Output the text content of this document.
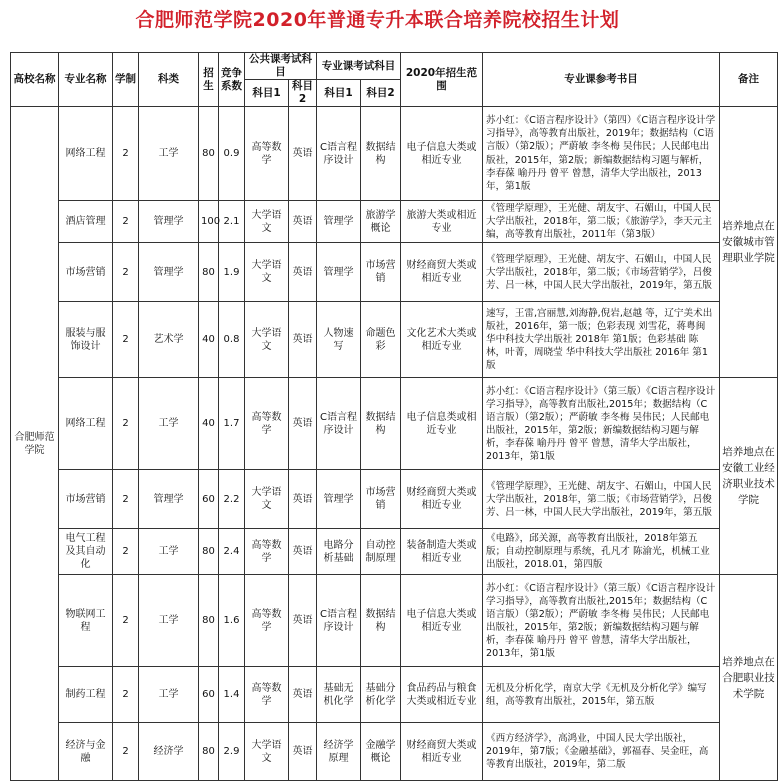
合肥师范学院2020年普通专升本联合培养院校招生计划
高校名称	专业名称	学制	科类	招生	竞争系数	公共课考试科目		专业课考试科目		2020年招生范围	专业课参考书目	备注
						科目1	科目2	科目1	科目2			
合肥师范学院	网络工程	2	工学	80	0.9	高等数学	英语	C语言程序设计	数据结构	电子信息大类或相近专业	苏小红：《C语言程序设计》（第四）《C语言程序设计学习指导》，高等教育出版社，2019年；数据结构（C语言版）（第2版）；严蔚敏 李冬梅 吴伟民；人民邮电出版社，2015年，第2版；新编数据结构习题与解析，李春葆 喻丹丹 曾平 曾慧，清华大学出版社，2013年，第1版	培养地点在安徽城市管理职业学院
	酒店管理	2	管理学	100	2.1	大学语文	英语	管理学	旅游学概论	旅游大类或相近专业	《管理学原理》，王光健、胡友宇、石媚山，中国人民大学出版社，2018年，第二版；《旅游学》，李天元主编，高等教育出版社，2011年（第3版）	
	市场营销	2	管理学	80	1.9	大学语文	英语	管理学	市场营销	财经商贸大类或相近专业	《管理学原理》，王光健、胡友宇、石媚山，中国人民大学出版社，2018年，第二版；《市场营销学》，吕俊芳、吕一林，中国人民大学出版社，2019年，第五版	
	服装与服饰设计	2	艺术学	40	0.8	大学语文	英语	人物速写	命题色彩	文化艺术大类或相近专业	速写，王雷,宫丽慧,刘海静,倪岩,赵越 等，辽宁美术出版社，2016年，第一版；色彩表现 刘雪花，蒋粤闽 华中科技大学出版社 2018年 第1版；色彩基础 陈林，叶菁，周晓莹 华中科技大学出版社 2016年 第1版	
	网络工程	2	工学	40	1.7	高等数学	英语	C语言程序设计	数据结构	电子信息类或相近专业	苏小红：《C语言程序设计》（第三版）《C语言程序设计学习指导》，高等教育出版社,2015年；数据结构（C语言版）（第2版）；严蔚敏 李冬梅 吴伟民；人民邮电出版社，2015年，第2版；新编数据结构习题与解析，李春葆 喻丹丹 曾平 曾慧，清华大学出版社，2013年，第1版	培养地点在安徽工业经济职业技术学院
	市场营销	2	管理学	60	2.2	大学语文	英语	管理学	市场营销	财经商贸大类或相近专业	《管理学原理》，王光健、胡友宇、石媚山，中国人民大学出版社，2018年，第二版；《市场营销学》，吕俊芳、吕一林，中国人民大学出版社，2019年，第五版	
	电气工程及其自动化	2	工学	80	2.4	高等数学	英语	电路分析基础	自动控制原理	装备制造大类或相近专业	《电路》，邱关源，高等教育出版社，2018年第五版；自动控制原理与系统，孔凡才 陈渝光，机械工业出版社，2018.01，第四版	
	物联网工程	2	工学	80	1.6	高等数学	英语	C语言程序设计	数据结构	电子信息大类或相近专业	苏小红：《C语言程序设计》（第三版）《C语言程序设计学习指导》，高等教育出版社,2015年；数据结构（C语言版）（第2版）；严蔚敏 李冬梅 吴伟民；人民邮电出版社，2015年，第2版；新编数据结构习题与解析，李春葆 喻丹丹 曾平 曾慧，清华大学出版社，2013年，第1版	培养地点在合肥职业技术学院
	制药工程	2	工学	60	1.4	高等数学	英语	基础无机化学	基础分析化学	食品药品与粮食大类或相近专业	无机及分析化学，南京大学《无机及分析化学》编写组，高等教育出版社，2015年，第五版	
	经济与金融	2	经济学	80	2.9	大学语文	英语	经济学原理	金融学概论	财经商贸大类或相近专业	《西方经济学》，高鸿业，中国人民大学出版社，2019年，第7版；《金融基础》，郭福春、吴金旺，高等教育出版社，2019年，第二版	
